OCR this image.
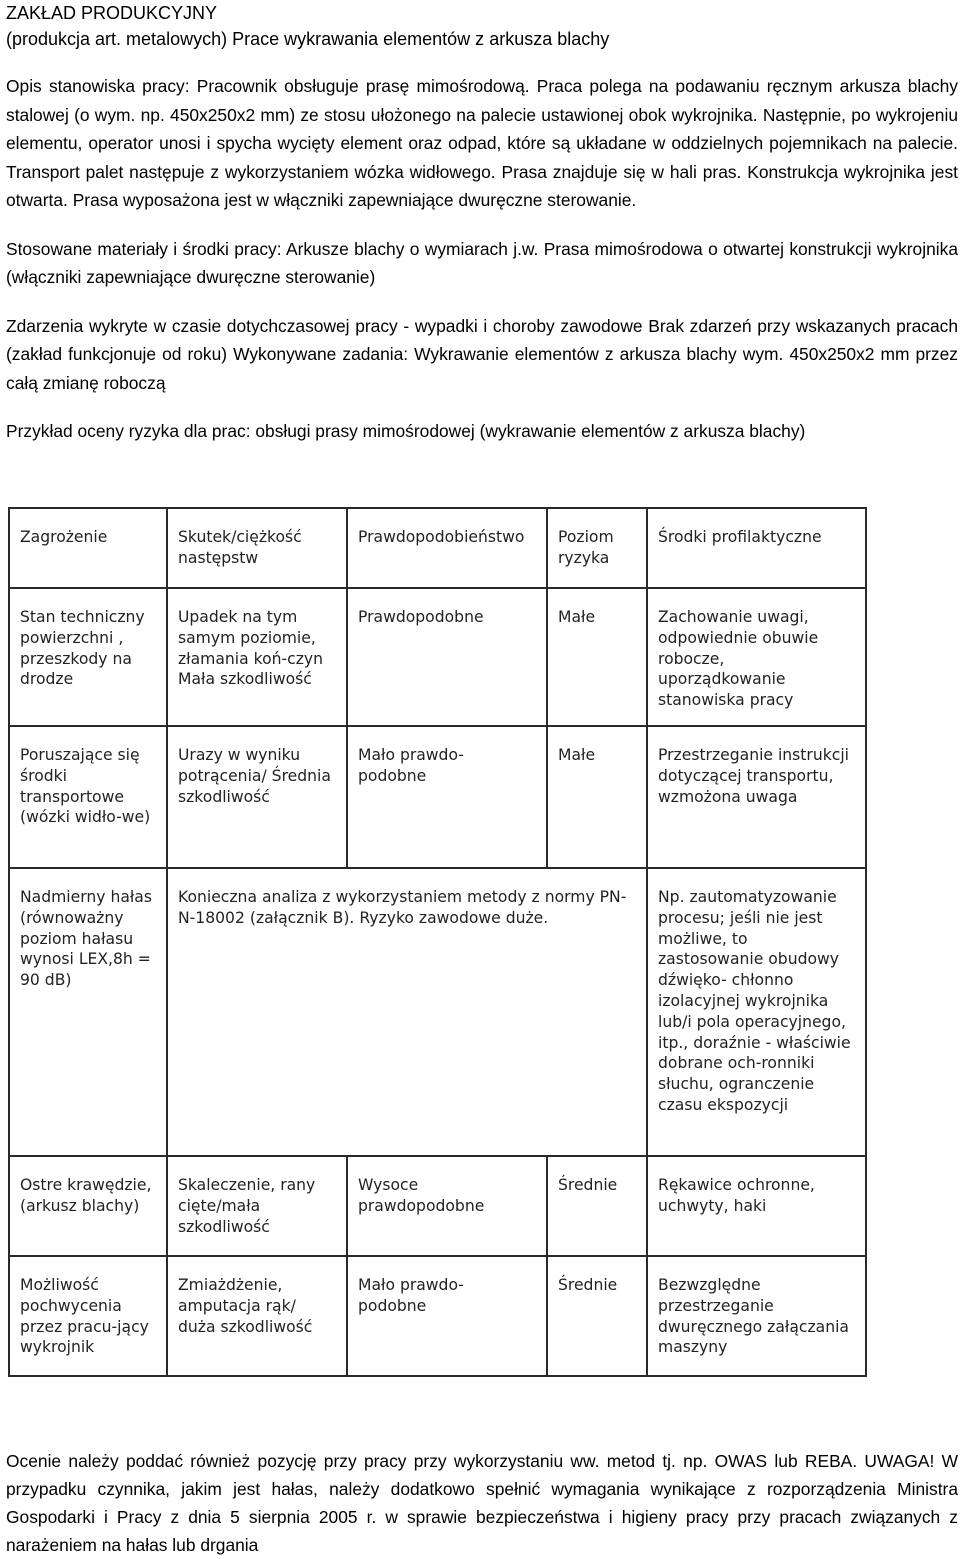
ZAKŁAD PRODUKCYJNY

(produkcja art. metalowych) Prace wykrawania elementów z arkusza blachy

Opis stanowiska pracy: Pracownik obsługuje prasę mimośrodową. Praca polega na podawaniu ręcznym arkusza blachy stalowej (o wym. np. 450x250x2 mm) ze stosu ułożonego na palecie ustawionej obok wykrojnika. Następnie, po wykrojeniu elementu, operator unosi i spycha wycięty element oraz odpad, które są układane w oddzielnych pojemnikach na palecie. Transport palet następuje z wykorzystaniem wózka widłowego. Prasa znajduje się w hali pras. Konstrukcja wykrojnika jest otwarta. Prasa wyposażona jest w włączniki zapewniające dwuręczne sterowanie.

Stosowane materiały i środki pracy: Arkusze blachy o wymiarach j.w. Prasa mimośrodowa o otwartej konstrukcji wykrojnika (włączniki zapewniające dwuręczne sterowanie)

Zdarzenia wykryte w czasie dotychczasowej pracy - wypadki i choroby zawodowe Brak zdarzeń przy wskazanych pracach (zakład funkcjonuje od roku) Wykonywane zadania: Wykrawanie elementów z arkusza blachy wym. 450x250x2 mm przez całą zmianę roboczą

Przykład oceny ryzyka dla prac: obsługi prasy mimośrodowej (wykrawanie elementów z arkusza blachy)

Zagrożenie	Skutek/ciężkość następstw	Prawdopodobieństwo	Poziom ryzyka	Środki profilaktyczne
Stan techniczny powierzchni , przeszkody na drodze	Upadek na tym samym poziomie, złamania koń-czyn Mała szkodliwość	Prawdopodobne	Małe	Zachowanie uwagi, odpowiednie obuwie robocze, uporządkowanie stanowiska pracy
Poruszające się środki transportowe (wózki widło-we)	Urazy w wyniku potrącenia/ Średnia szkodliwość	Mało prawdo- podobne	Małe	Przestrzeganie instrukcji dotyczącej transportu, wzmożona uwaga
Nadmierny hałas (równoważny poziom hałasu wynosi LEX,8h = 90 dB)	Konieczna analiza z wykorzystaniem metody z normy PN-N-18002 (załącznik B). Ryzyko zawodowe duże.			Np. zautomatyzowanie procesu; jeśli nie jest możliwe, to zastosowanie obudowy dźwięko- chłonno izolacyjnej wykrojnika lub/i pola operacyjnego, itp., doraźnie - właściwie dobrane och-ronniki słuchu, ogranczenie czasu ekspozycji
Ostre krawędzie, (arkusz blachy)	Skaleczenie, rany cięte/mała szkodliwość	Wysoce prawdopodobne	Średnie	Rękawice ochronne, uchwyty, haki
Możliwość pochwycenia przez pracu-jący wykrojnik	Zmiażdżenie, amputacja rąk/ duża szkodliwość	Mało prawdo- podobne	Średnie	Bezwzględne przestrzeganie dwuręcznego załączania maszyny

Ocenie należy poddać również pozycję przy pracy przy wykorzystaniu ww. metod tj. np. OWAS lub REBA. UWAGA! W przypadku czynnika, jakim jest hałas, należy dodatkowo spełnić wymagania wynikające z rozporządzenia Ministra Gospodarki i Pracy z dnia 5 sierpnia 2005 r. w sprawie bezpieczeństwa i higieny pracy przy pracach związanych z narażeniem na hałas lub drgania
